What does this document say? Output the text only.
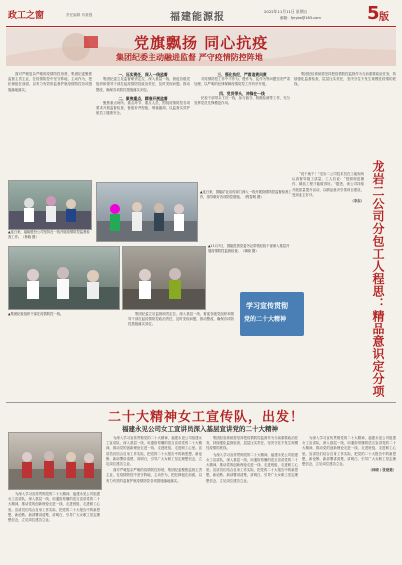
政工之窗	责任编辑 肖重强	福建能源报
2022年11月11日 星期五
邮箱：fjnybs@163.com	5 版
党旗飘扬 同心抗疫
集团纪委主动融进监督 严守疫情防控阵地

面对严峻复杂严峻的疫情防控形势，集团纪委聚焦监督主责主业，在疫情防控中坚守阵地、主动作为，把纪律挺在前面，以有力有效的监督护航疫情防控各项措施落地落实。

一、压实责任，深入一线监督

集团纪委立足监督职责定位，深入基层一线，督促各级党组织和领导干部扛起疫情防控政治责任，及时发现问题、推动整改，确保各项防控措施落实到位。

二、聚焦重点，精准开展监督

聚焦重点场所、重点环节、重点人员，围绕疫情防控各项要求开展监督检查，督促补齐短板、堵塞漏洞，以监督实效护航员工健康安全。

三、强化执纪，严肃追责问责

对疫情防控工作中不作为、慢作为、乱作为等问题坚决严肃处理，以严明的纪律保障疫情防控工作有序开展。

四、党员带头，冲锋在一线

纪检干部带头下沉一线，参与值守、核酸检测等工作，充分发挥党员先锋模范作用。

集团纪检系统将坚持把疫情防控监督作为当前重要政治任务，持续强化监督检查，层层压实责任，坚决守住不发生规模性疫情的底线。

▲连日来，福能股份公司坚持在一线开展疫情防控监督检查工作。（林晓 摄）
▲连日来，国能矿业宣传部门深入一线开展疫情防控监督检查工作，指导做好各项防控措施。（程智明 摄）
▲11月7日，国能投资党委书记带领纪检干部深入基层开展疫情防控监督检查。（林晓 摄）
学习宣传贯彻
党的二十大精神
▲集团纪检组织干部在疫情防控一线。	集团纪委立足监督职责定位，深入基层一线，督促各级党组织和领导干部扛起疫情防控政治责任，及时发现问题、推动整改，确保各项防控措施落实到位。	龙岩二公司分包工人程思：精品意识定分项

“说干就干！”龙岩二公司技术员在工地现场认真督导施工质量，工人们说：“按照规范操作，精品工程才能做得好。”据悉，该公司持续开展质量提升活动，以精品意识引领项目建设，受到业主好评。

（李东）
二十大精神女工宣传队，出发！
福建永见公司女工宣讲员深入基层宣讲党的二十大精神

为深入学习宣传贯彻党的二十大精神，福建永见公司组建女工宣讲队，深入基层一线，用通俗易懂的语言宣讲党的二十大精神，推动党的创新理论走进一线、走进班组、走进职工心里。宣讲员们结合自身工作实际，把党的二十大报告中的新思想、新论断、新部署讲清楚、讲明白，引导广大女职工坚定理想信念，立足岗位建功立业。

为深入学习宣传贯彻党的二十大精神，福建永见公司组建女工宣讲队，深入基层一线，用通俗易懂的语言宣讲党的二十大精神，推动党的创新理论走进一线、走进班组、走进职工心里。宣讲员们结合自身工作实际，把党的二十大报告中的新思想、新论断、新部署讲清楚、讲明白，引导广大女职工坚定理想信念，立足岗位建功立业。

面对严峻复杂严峻的疫情防控形势，集团纪委聚焦监督主责主业，在疫情防控中坚守阵地、主动作为，把纪律挺在前面，以有力有效的监督护航疫情防控各项措施落地落实。

集团纪检系统将坚持把疫情防控监督作为当前重要政治任务，持续强化监督检查，层层压实责任，坚决守住不发生规模性疫情的底线。

为深入学习宣传贯彻党的二十大精神，福建永见公司组建女工宣讲队，深入基层一线，用通俗易懂的语言宣讲党的二十大精神，推动党的创新理论走进一线、走进班组、走进职工心里。宣讲员们结合自身工作实际，把党的二十大报告中的新思想、新论断、新部署讲清楚、讲明白，引导广大女职工坚定理想信念，立足岗位建功立业。

为深入学习宣传贯彻党的二十大精神，福建永见公司组建女工宣讲队，深入基层一线，用通俗易懂的语言宣讲党的二十大精神，推动党的创新理论走进一线、走进班组、走进职工心里。宣讲员们结合自身工作实际，把党的二十大报告中的新思想、新论断、新部署讲清楚、讲明白，引导广大女职工坚定理想信念，立足岗位建功立业。

（林晓 / 张楚楚）
